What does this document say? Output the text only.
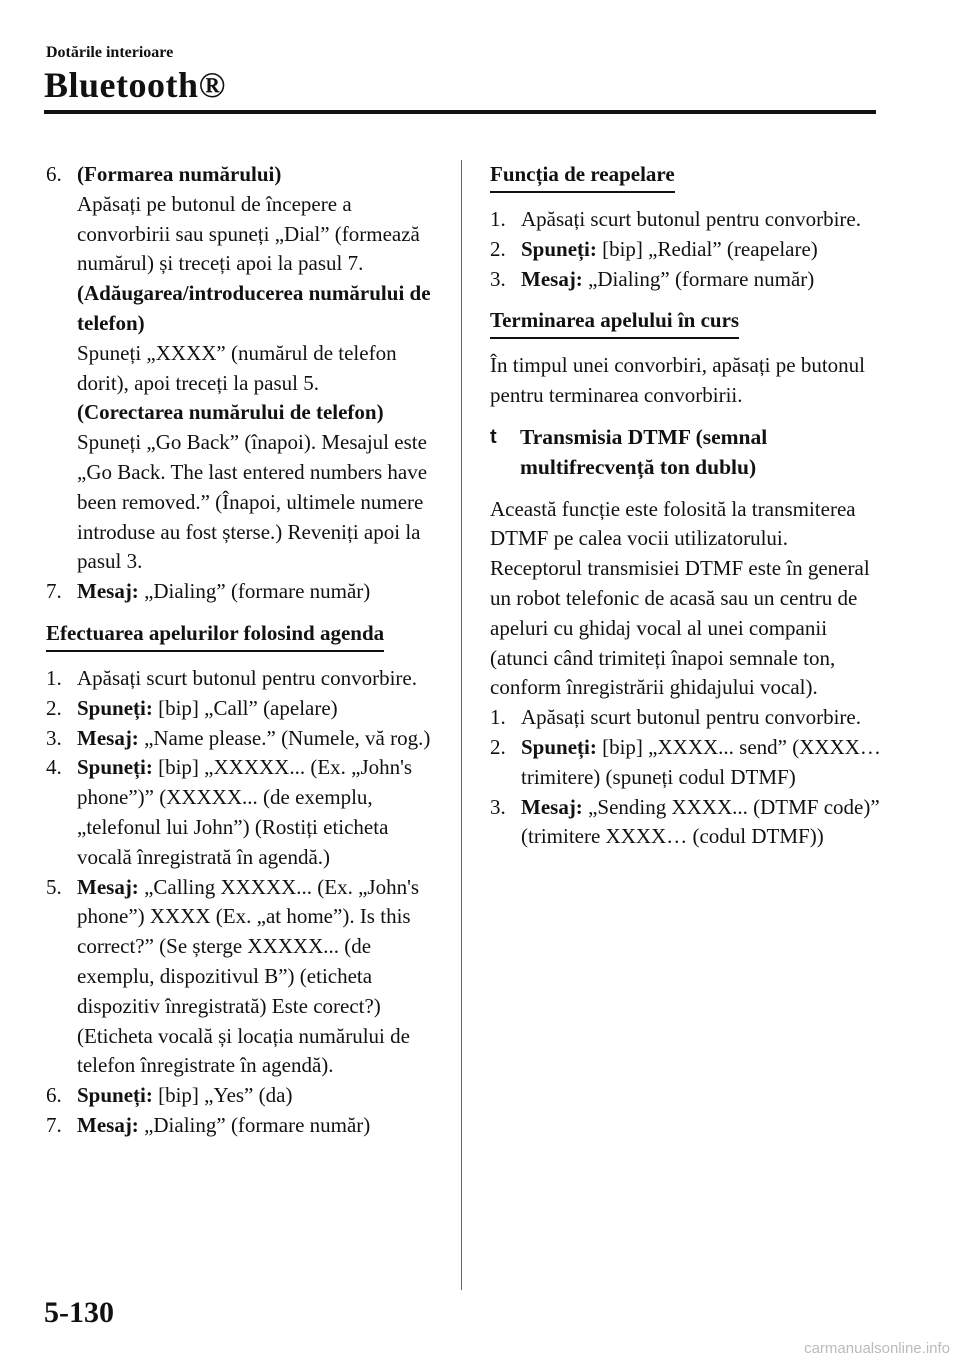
Dotările interioare
Bluetooth®
6. (Formarea numărului)
Apăsați pe butonul de începere a convorbirii sau spuneți „Dial” (formează numărul) și treceți apoi la pasul 7.
(Adăugarea/introducerea numărului de telefon)
Spuneți „XXXX” (numărul de telefon dorit), apoi treceți la pasul 5.
(Corectarea numărului de telefon)
Spuneți „Go Back” (înapoi). Mesajul este „Go Back. The last entered numbers have been removed.” (Înapoi, ultimele numere introduse au fost șterse.) Reveniți apoi la pasul 3.
7. Mesaj: „Dialing” (formare număr)
Efectuarea apelurilor folosind agenda
1. Apăsați scurt butonul pentru convorbire.
2. Spuneți: [bip] „Call” (apelare)
3. Mesaj: „Name please.” (Numele, vă rog.)
4. Spuneți: [bip] „XXXXX... (Ex. „John's phone”)” (XXXXX... (de exemplu, „telefonul lui John”) (Rostiți eticheta vocală înregistrată în agendă.)
5. Mesaj: „Calling XXXXX... (Ex. „John's phone”) XXXX (Ex. „at home”). Is this correct?” (Se șterge XXXXX... (de exemplu, dispozitivul B”) (eticheta dispozitiv înregistrată) Este corect?) (Eticheta vocală și locația numărului de telefon înregistrate în agendă).
6. Spuneți: [bip] „Yes” (da)
7. Mesaj: „Dialing” (formare număr)
Funcția de reapelare
1. Apăsați scurt butonul pentru convorbire.
2. Spuneți: [bip] „Redial” (reapelare)
3. Mesaj: „Dialing” (formare număr)
Terminarea apelului în curs
În timpul unei convorbiri, apăsați pe butonul pentru terminarea convorbirii.
t	Transmisia DTMF (semnal multifrecvență ton dublu)
Această funcție este folosită la transmiterea DTMF pe calea vocii utilizatorului. Receptorul transmisiei DTMF este în general un robot telefonic de acasă sau un centru de apeluri cu ghidaj vocal al unei companii (atunci când trimiteți înapoi semnale ton, conform înregistrării ghidajului vocal).
1. Apăsați scurt butonul pentru convorbire.
2. Spuneți: [bip] „XXXX... send” (XXXX… trimitere) (spuneți codul DTMF)
3. Mesaj: „Sending XXXX... (DTMF code)” (trimitere XXXX… (codul DTMF))
5-130
carmanualsonline.info
